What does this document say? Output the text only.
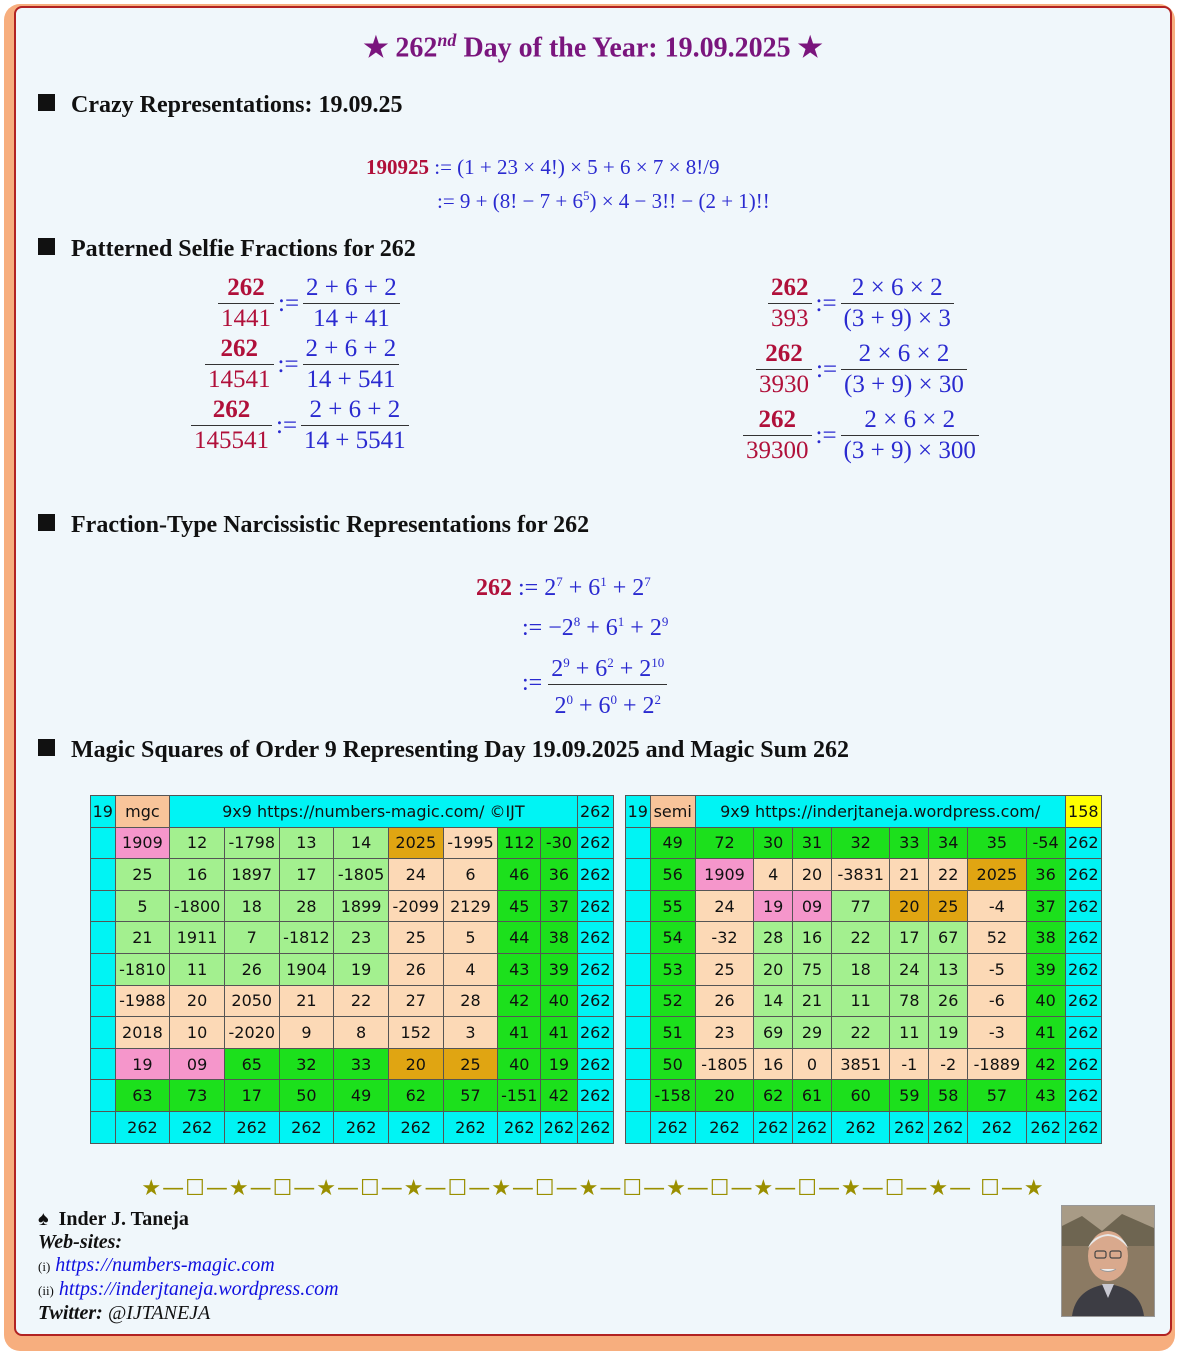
★ 262nd Day of the Year: 19.09.2025 ★
Crazy Representations: 19.09.25
190925 := (1 + 23 × 4!) × 5 + 6 × 7 × 8!/9
:= 9 + (8! − $7 + 6^5) \times 4 - 3$!! − (2 + 1)!!
Patterned Selfie Fractions for 262
$\frac{262}{1441}$ := $\frac{2 + 6 + 2}{14 + 41}$
$\frac{262}{14541}$ := $\frac{2 + 6 + 2}{14 + 541}$
$\frac{262}{145541}$ := $\frac{2 + 6 + 2}{14 + 5541}$
$\frac{262}{393}$ := $\frac{2 \times 6 \times 2}{(3 + 9) \times 3}$
$\frac{262}{3930}$ := $\frac{2 \times 6 \times 2}{(3 + 9) \times 30}$
$\frac{262}{39300}$ := $\frac{2 \times 6 \times 2}{(3 + 9) \times 300}$
Fraction-Type Narcissistic Representations for 262
262 := $2^7 + 6^1 + 2^7$
:= $-2^8 + 6^1 + 2^9$
:= $\frac{2^9 + 6^2 + 2^{10}}{2^0 + 6^0 + 2^2}$
Magic Squares of Order 9 Representing Day 19.09.2025 and Magic Sum 262
19	mgc	9x9 https://numbers-magic.com/ ©IJT								262
	1909	12	-1798	13	14	2025	-1995	112	-30	262
	25	16	1897	17	-1805	24	6	46	36	262
	5	-1800	18	28	1899	-2099	2129	45	37	262
	21	1911	7	-1812	23	25	5	44	38	262
	-1810	11	26	1904	19	26	4	43	39	262
	-1988	20	2050	21	22	27	28	42	40	262
	2018	10	-2020	9	8	152	3	41	41	262
	19	09	65	32	33	20	25	40	19	262
	63	73	17	50	49	62	57	-151	42	262
	262	262	262	262	262	262	262	262	262	262
19	semi	9x9 https://inderjtaneja.wordpress.com/								158
	49	72	30	31	32	33	34	35	-54	262
	56	1909	4	20	-3831	21	22	2025	36	262
	55	24	19	09	77	20	25	-4	37	262
	54	-32	28	16	22	17	67	52	38	262
	53	25	20	75	18	24	13	-5	39	262
	52	26	14	21	11	78	26	-6	40	262
	51	23	69	29	22	11	19	-3	41	262
	50	-1805	16	0	3851	-1	-2	-1889	42	262
	-158	20	62	61	60	59	58	57	43	262
	262	262	262	262	262	262	262	262	262	262
★—☐—★—☐—★—☐—★—☐—★—☐—★—☐—★—☐—★—☐—★—☐—★— ☐—★
♠ Inder J. Taneja
Web-sites:
(i) https://numbers-magic.com
(ii) https://inderjtaneja.wordpress.com
Twitter: @IJTANEJA
